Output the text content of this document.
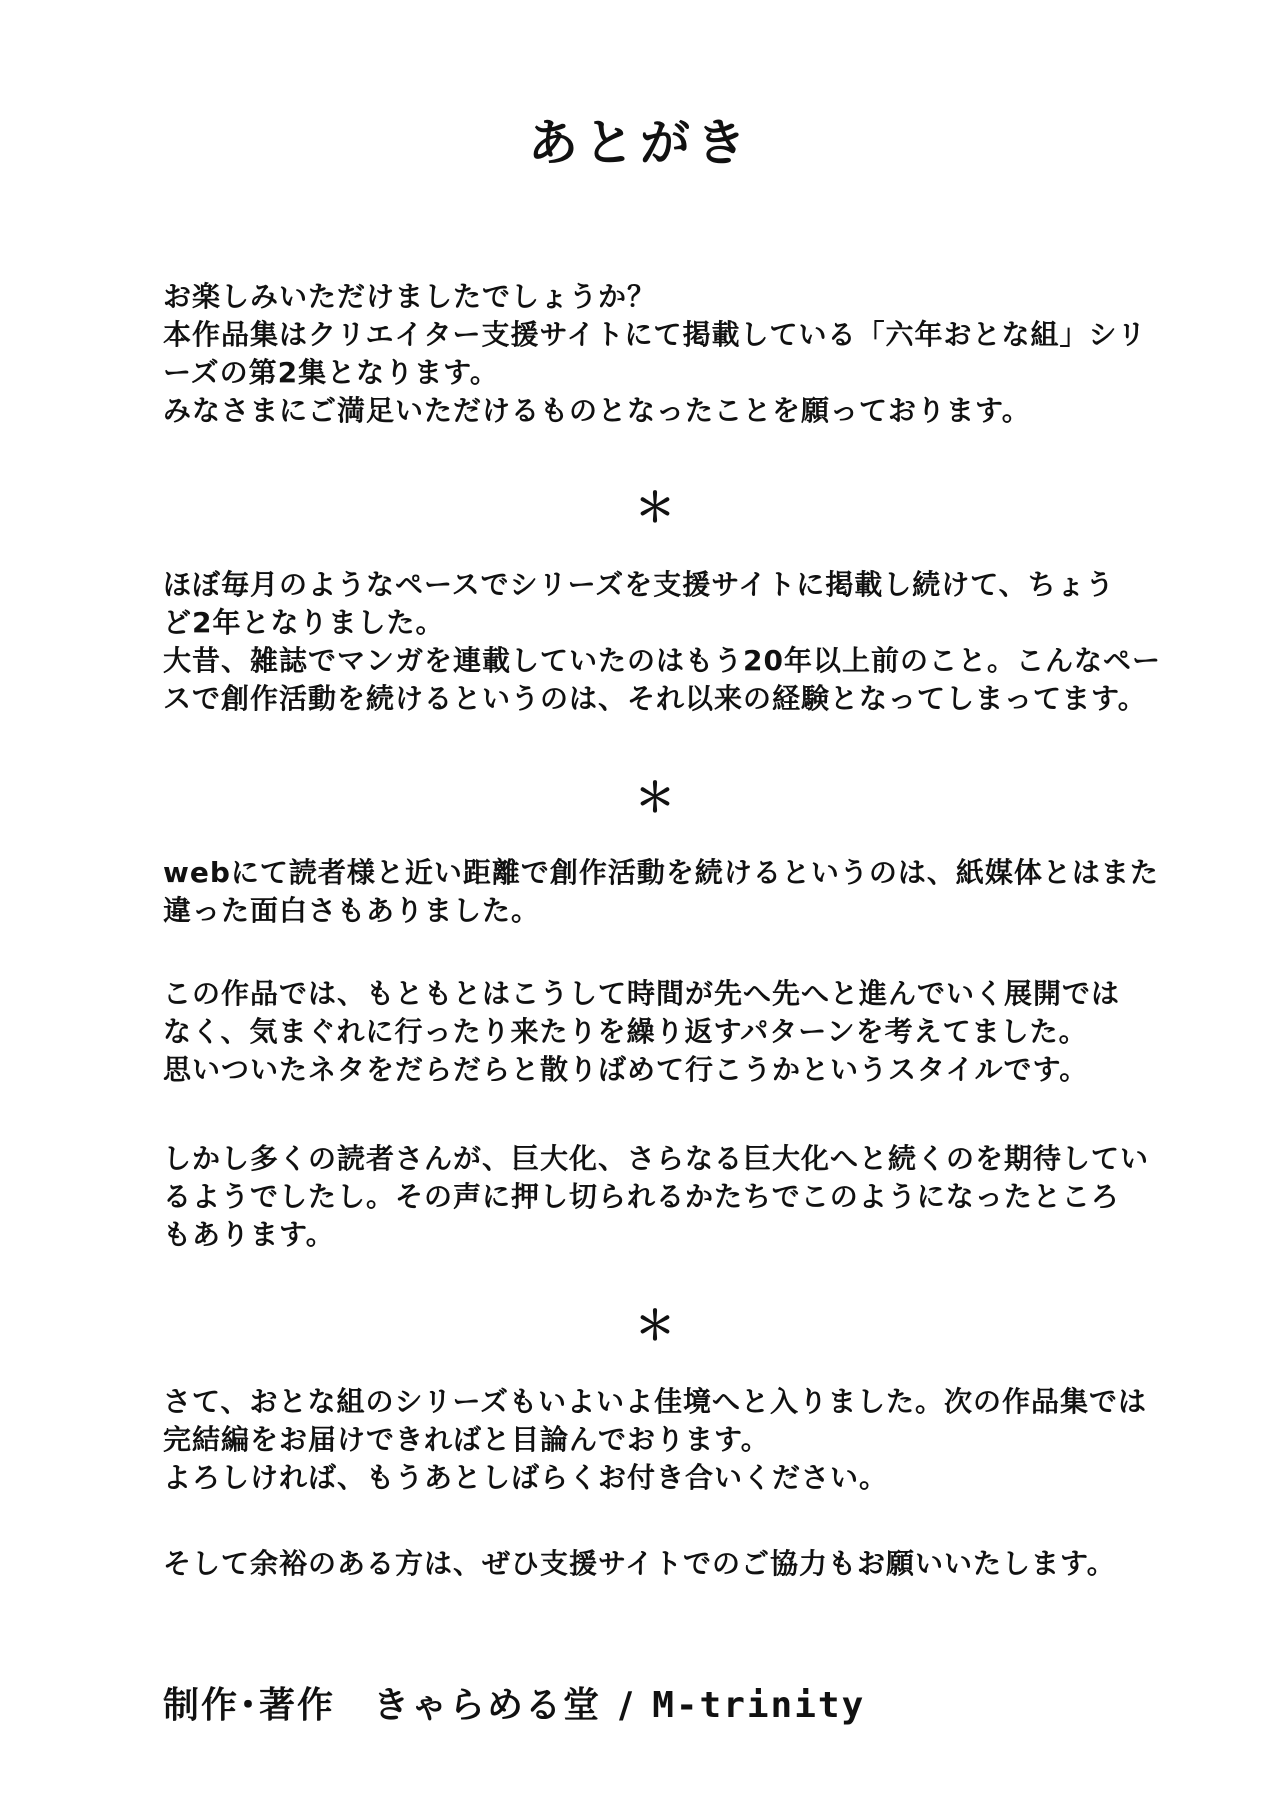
あとがき
お楽しみいただけましたでしょうか？
本作品集はクリエイター支援サイトにて掲載している「六年おとな組」シリ
ーズの第2集となります。
みなさまにご満足いただけるものとなったことを願っております。
＊
ほぼ毎月のようなペースでシリーズを支援サイトに掲載し続けて、ちょう
ど2年となりました。
大昔、雑誌でマンガを連載していたのはもう20年以上前のこと。こんなペー
スで創作活動を続けるというのは、それ以来の経験となってしまってます。
＊
webにて読者様と近い距離で創作活動を続けるというのは、紙媒体とはまた
違った面白さもありました。
この作品では、もともとはこうして時間が先へ先へと進んでいく展開では
なく、気まぐれに行ったり来たりを繰り返すパターンを考えてました。
思いついたネタをだらだらと散りばめて行こうかというスタイルです。
しかし多くの読者さんが、巨大化、さらなる巨大化へと続くのを期待してい
るようでしたし。その声に押し切られるかたちでこのようになったところ
もあります。
＊
さて、おとな組のシリーズもいよいよ佳境へと入りました。次の作品集では
完結編をお届けできればと目論んでおります。
よろしければ、もうあとしばらくお付き合いください。
そして余裕のある方は、ぜひ支援サイトでのご協力もお願いいたします。
制作･著作 きゃらめる堂 / M-trinity
